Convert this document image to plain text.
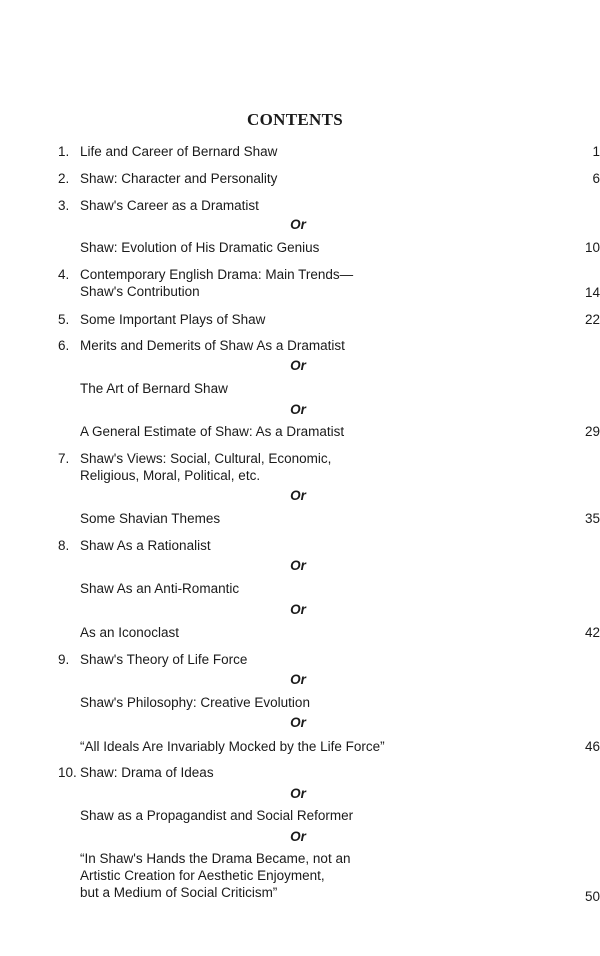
CONTENTS
1. Life and Career of Bernard Shaw	1
2. Shaw: Character and Personality	6
3. Shaw's Career as a Dramatist
Shaw: Evolution of His Dramatic Genius	10
Or
4. Contemporary English Drama: Main Trends—
Shaw's Contribution	14
5. Some Important Plays of Shaw	22
6. Merits and Demerits of Shaw As a Dramatist
The Art of Bernard Shaw
A General Estimate of Shaw: As a Dramatist	29
Or
Or
7. Shaw's Views: Social, Cultural, Economic,
Religious, Moral, Political, etc.
Some Shavian Themes	35
Or
8. Shaw As a Rationalist
Shaw As an Anti-Romantic
As an Iconoclast	42
Or
Or
9. Shaw's Theory of Life Force
Shaw's Philosophy: Creative Evolution
“All Ideals Are Invariably Mocked by the Life Force”	46
Or
Or
10. Shaw: Drama of Ideas
Shaw as a Propagandist and Social Reformer
“In Shaw's Hands the Drama Became, not an
Artistic Creation for Aesthetic Enjoyment,
but a Medium of Social Criticism”	50
Or
Or
